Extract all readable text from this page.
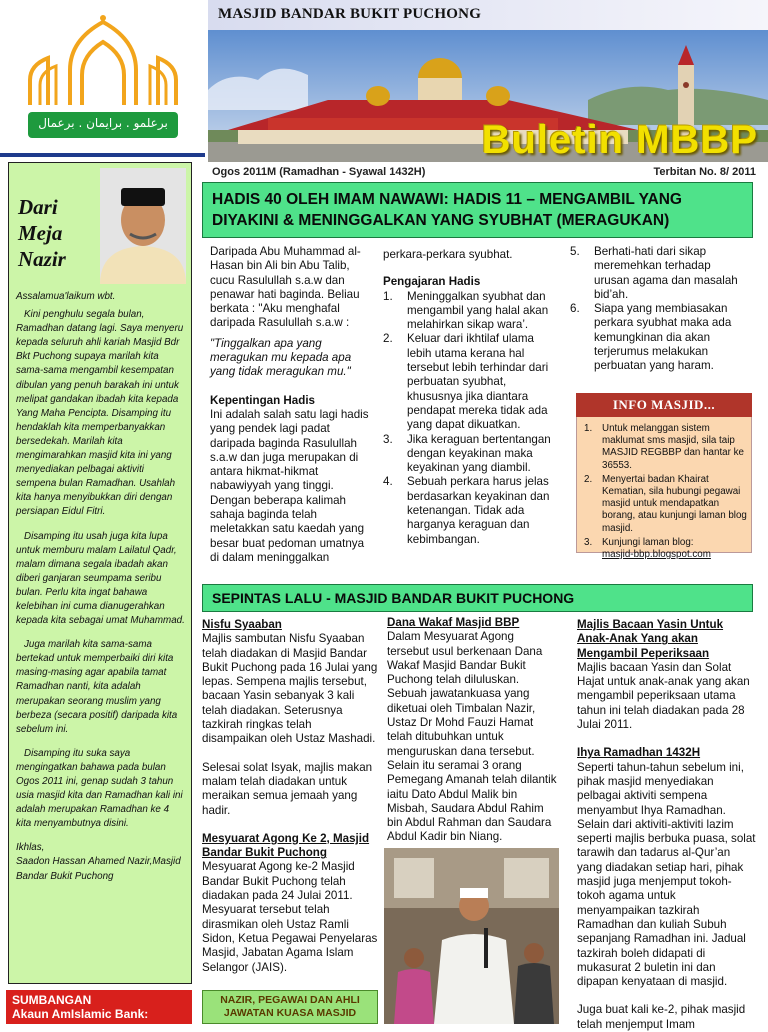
برعلمو . برايمان . برعمال
MASJID BANDAR BUKIT PUCHONG
Buletin MBBP
Ogos 2011M (Ramadhan - Syawal 1432H)	Terbitan No. 8/ 2011
Dari
Meja
Nazir

Assalamua'laikum wbt.

Kini penghulu segala bulan, Ramadhan datang lagi. Saya menyeru kepada seluruh ahli kariah Masjid Bdr Bkt Puchong supaya marilah kita sama-sama mengambil kesempatan dibulan yang penuh barakah ini untuk melipat gandakan ibadah kita kepada Yang Maha Pencipta. Disamping itu hendaklah kita memperbanyakkan bersedekah. Marilah kita mengimarahkan masjid kita ini yang menyediakan pelbagai aktiviti sempena bulan Ramadhan. Usahlah kita hanya menyibukkan diri dengan persiapan Eidul Fitri.

Disamping itu usah juga kita lupa untuk memburu malam Lailatul Qadr, malam dimana segala ibadah akan diberi ganjaran seumpama seribu bulan. Perlu kita ingat bahawa kelebihan ini cuma dianugerahkan kepada kita sebagai umat Muhammad.

Juga marilah kita sama-sama bertekad untuk memperbaiki diri kita masing-masing agar apabila tamat Ramadhan nanti, kita adalah merupakan seorang muslim yang berbeza (secara positif) daripada kita sebelum ini.

Disamping itu suka saya mengingatkan bahawa pada bulan Ogos 2011 ini, genap sudah 3 tahun usia masjid kita dan Ramadhan kali ini adalah merupakan Ramadhan ke 4 kita menyambutnya disini.

Ikhlas,

Saadon Hassan Ahamed Nazir,Masjid Bandar Bukit Puchong

SUMBANGAN
Akaun AmIslamic Bank:
HADIS 40 OLEH IMAM NAWAWI: HADIS 11 – MENGAMBIL YANG DIYAKINI & MENINGGALKAN YANG SYUBHAT (MERAGUKAN)

Daripada Abu Muhammad al-Hasan bin Ali bin Abu Talib, cucu Rasulullah s.a.w dan penawar hati baginda. Beliau berkata : "Aku menghafal daripada Rasulullah s.a.w :

"Tinggalkan apa yang meragukan mu kepada apa yang tidak meragukan mu."

Kepentingan Hadis

Ini adalah salah satu lagi hadis yang pendek lagi padat daripada baginda Rasulullah s.a.w dan juga merupakan di antara hikmat-hikmat nabawiyyah yang tinggi. Dengan beberapa kalimah sahaja baginda telah meletakkan satu kaedah yang besar buat pedoman umatnya di dalam meninggalkan

perkara-perkara syubhat.

Pengajaran Hadis

1.	Meninggalkan syubhat dan mengambil yang halal akan melahirkan sikap wara’.
2.	Keluar dari ikhtilaf ulama lebih utama kerana hal tersebut lebih terhindar dari perbuatan syubhat, khususnya jika diantara pendapat mereka tidak ada yang dapat dikuatkan.
3.	Jika keraguan bertentangan dengan keyakinan maka keyakinan yang diambil.
4.	Sebuah perkara harus jelas berdasarkan keyakinan dan ketenangan. Tidak ada harganya keraguan dan kebimbangan.
5.	Berhati-hati dari sikap meremehkan terhadap urusan agama dan masalah bid’ah.
6.	Siapa yang membiasakan perkara syubhat maka ada kemungkinan dia akan terjerumus melakukan perbuatan yang haram.
INFO MASJID...
1.	Untuk melanggan sistem maklumat sms masjid, sila taip MASJID REGBBP dan hantar ke 36553.
2.	Menyertai badan Khairat Kematian, sila hubungi pegawai masjid untuk mendapatkan borang, atau kunjungi laman blog masjid.
3.	Kunjungi laman blog:
masjid-bbp.blogspot.com
SEPINTAS LALU - MASJID BANDAR BUKIT PUCHONG

Nisfu Syaaban

Majlis sambutan Nisfu Syaaban telah diadakan di Masjid Bandar Bukit Puchong pada 16 Julai yang lepas. Sempena majlis tersebut, bacaan Yasin sebanyak 3 kali telah diadakan. Seterusnya tazkirah ringkas telah disampaikan oleh Ustaz Mashadi.

Selesai solat Isyak, majlis makan malam telah diadakan untuk meraikan semua jemaah yang hadir.

Mesyuarat Agong Ke 2, Masjid Bandar Bukit Puchong

Mesyuarat Agong ke-2 Masjid Bandar Bukit Puchong telah diadakan pada 24 Julai 2011. Mesyuarat tersebut telah dirasmikan oleh Ustaz Ramli Sidon, Ketua Pegawai Penyelaras Masjid, Jabatan Agama Islam Selangor (JAIS).

Dana Wakaf Masjid BBP

Dalam Mesyuarat Agong tersebut usul berkenaan Dana Wakaf Masjid Bandar Bukit Puchong telah diluluskan. Sebuah jawatankuasa yang diketuai oleh Timbalan Nazir, Ustaz Dr Mohd Fauzi Hamat telah ditubuhkan untuk menguruskan dana tersebut. Selain itu seramai 3 orang Pemegang Amanah telah dilantik iaitu Dato Abdul Malik bin Misbah, Saudara Abdul Rahim bin Abdul Rahman dan Saudara Abdul Kadir bin Niang.

NAZIR, PEGAWAI DAN AHLI JAWATAN KUASA MASJID

Majlis Bacaan Yasin Untuk Anak-Anak Yang akan Mengambil Peperiksaan

Majlis bacaan Yasin dan Solat Hajat untuk anak-anak yang akan mengambil peperiksaan utama tahun ini telah diadakan pada 28 Julai 2011.

Ihya Ramadhan 1432H

Seperti tahun-tahun sebelum ini, pihak masjid menyediakan pelbagai aktiviti sempena menyambut Ihya Ramadhan. Selain dari aktiviti-aktiviti lazim seperti majlis berbuka puasa, solat tarawih dan tadarus al-Qur’an yang diadakan setiap hari, pihak masjid juga menjemput tokoh-tokoh agama untuk menyampaikan tazkirah Ramadhan dan kuliah Subuh sepanjang Ramadhan ini. Jadual tazkirah boleh didapati di mukasurat 2 buletin ini dan dipapan kenyataan di masjid.

Juga buat kali ke-2, pihak masjid telah menjemput Imam
